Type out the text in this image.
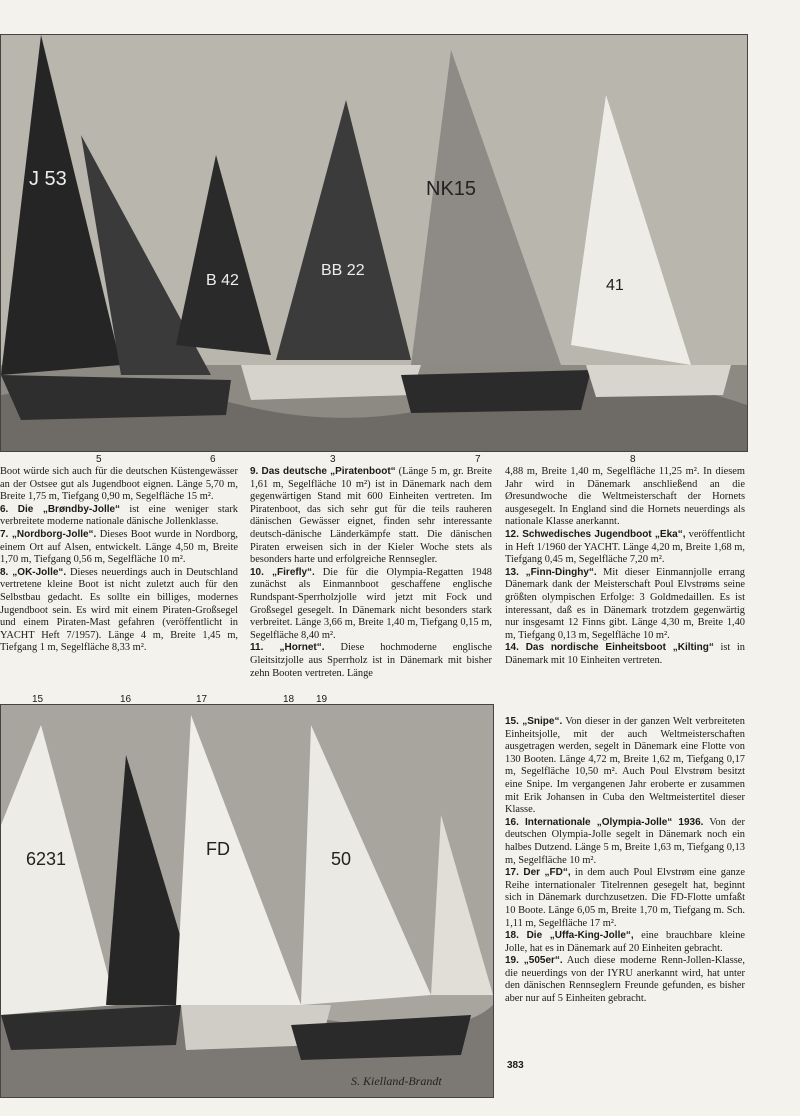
J 53
B 42
BB 22
NK15
41
5	6	3	7	8

Boot würde sich auch für die deutschen Küstengewässer an der Ostsee gut als Jugendboot eignen. Länge 5,70 m, Breite 1,75 m, Tiefgang 0,90 m, Segelfläche 15 m².

6. Die „Brøndby-Jolle“ ist eine weniger stark verbreitete moderne nationale dänische Jollenklasse.

7. „Nordborg-Jolle“. Dieses Boot wurde in Nordborg, einem Ort auf Alsen, entwickelt. Länge 4,50 m, Breite 1,70 m, Tiefgang 0,56 m, Segelfläche 10 m².

8. „OK-Jolle“. Dieses neuerdings auch in Deutschland vertretene kleine Boot ist nicht zuletzt auch für den Selbstbau gedacht. Es sollte ein billiges, modernes Jugendboot sein. Es wird mit einem Piraten-Großsegel und einem Piraten-Mast gefahren (veröffentlicht in YACHT Heft 7/1957). Länge 4 m, Breite 1,45 m, Tiefgang 1 m, Segelfläche 8,33 m².

9. Das deutsche „Piratenboot“ (Länge 5 m, gr. Breite 1,61 m, Segelfläche 10 m²) ist in Dänemark nach dem gegenwärtigen Stand mit 600 Einheiten vertreten. Im Piratenboot, das sich sehr gut für die teils rauheren dänischen Gewässer eignet, finden sehr interessante deutsch-dänische Länderkämpfe statt. Die dänischen Piraten erweisen sich in der Kieler Woche stets als besonders harte und erfolgreiche Rennsegler.

10. „Firefly“. Die für die Olympia-Regatten 1948 zunächst als Einmannboot geschaffene englische Rundspant-Sperrholzjolle wird jetzt mit Fock und Großsegel gesegelt. In Dänemark nicht besonders stark verbreitet. Länge 3,66 m, Breite 1,40 m, Tiefgang 0,15 m, Segelfläche 8,40 m².

11. „Hornet“. Diese hochmoderne englische Gleitsitzjolle aus Sperrholz ist in Dänemark mit bisher zehn Booten vertreten. Länge

4,88 m, Breite 1,40 m, Segelfläche 11,25 m². In diesem Jahr wird in Dänemark anschließend an die Øresundwoche die Weltmeisterschaft der Hornets ausgesegelt. In England sind die Hornets neuerdings als nationale Klasse anerkannt.

12. Schwedisches Jugendboot „Eka“, veröffentlicht in Heft 1/1960 der YACHT. Länge 4,20 m, Breite 1,68 m, Tiefgang 0,45 m, Segelfläche 7,20 m².

13. „Finn-Dinghy“. Mit dieser Einmannjolle errang Dänemark dank der Meisterschaft Poul Elvstrøms seine größten olympischen Erfolge: 3 Goldmedaillen. Es ist interessant, daß es in Dänemark trotzdem gegenwärtig nur insgesamt 12 Finns gibt. Länge 4,30 m, Breite 1,40 m, Tiefgang 0,13 m, Segelfläche 10 m².

14. Das nordische Einheitsboot „Kilting“ ist in Dänemark mit 10 Einheiten vertreten.

15	16	17	18 19
6231	FD	50
S. Kielland-Brandt

15. „Snipe“. Von dieser in der ganzen Welt verbreiteten Einheitsjolle, mit der auch Weltmeisterschaften ausgetragen werden, segelt in Dänemark eine Flotte von 130 Booten. Länge 4,72 m, Breite 1,62 m, Tiefgang 0,17 m, Segelfläche 10,50 m². Auch Poul Elvstrøm besitzt eine Snipe. Im vergangenen Jahr eroberte er zusammen mit Erik Johansen in Cuba den Weltmeistertitel dieser Klasse.

16. Internationale „Olympia-Jolle“ 1936. Von der deutschen Olympia-Jolle segelt in Dänemark noch ein halbes Dutzend. Länge 5 m, Breite 1,63 m, Tiefgang 0,13 m, Segelfläche 10 m².

17. Der „FD“, in dem auch Poul Elvstrøm eine ganze Reihe internationaler Titelrennen gesegelt hat, beginnt sich in Dänemark durchzusetzen. Die FD-Flotte umfaßt 10 Boote. Länge 6,05 m, Breite 1,70 m, Tiefgang m. Sch. 1,11 m, Segelfläche 17 m².

18. Die „Uffa-King-Jolle“, eine brauchbare kleine Jolle, hat es in Dänemark auf 20 Einheiten gebracht.

19. „505er“. Auch diese moderne Renn-Jollen-Klasse, die neuerdings von der IYRU anerkannt wird, hat unter den dänischen Rennseglern Freunde gefunden, es bisher aber nur auf 5 Einheiten gebracht.

383
